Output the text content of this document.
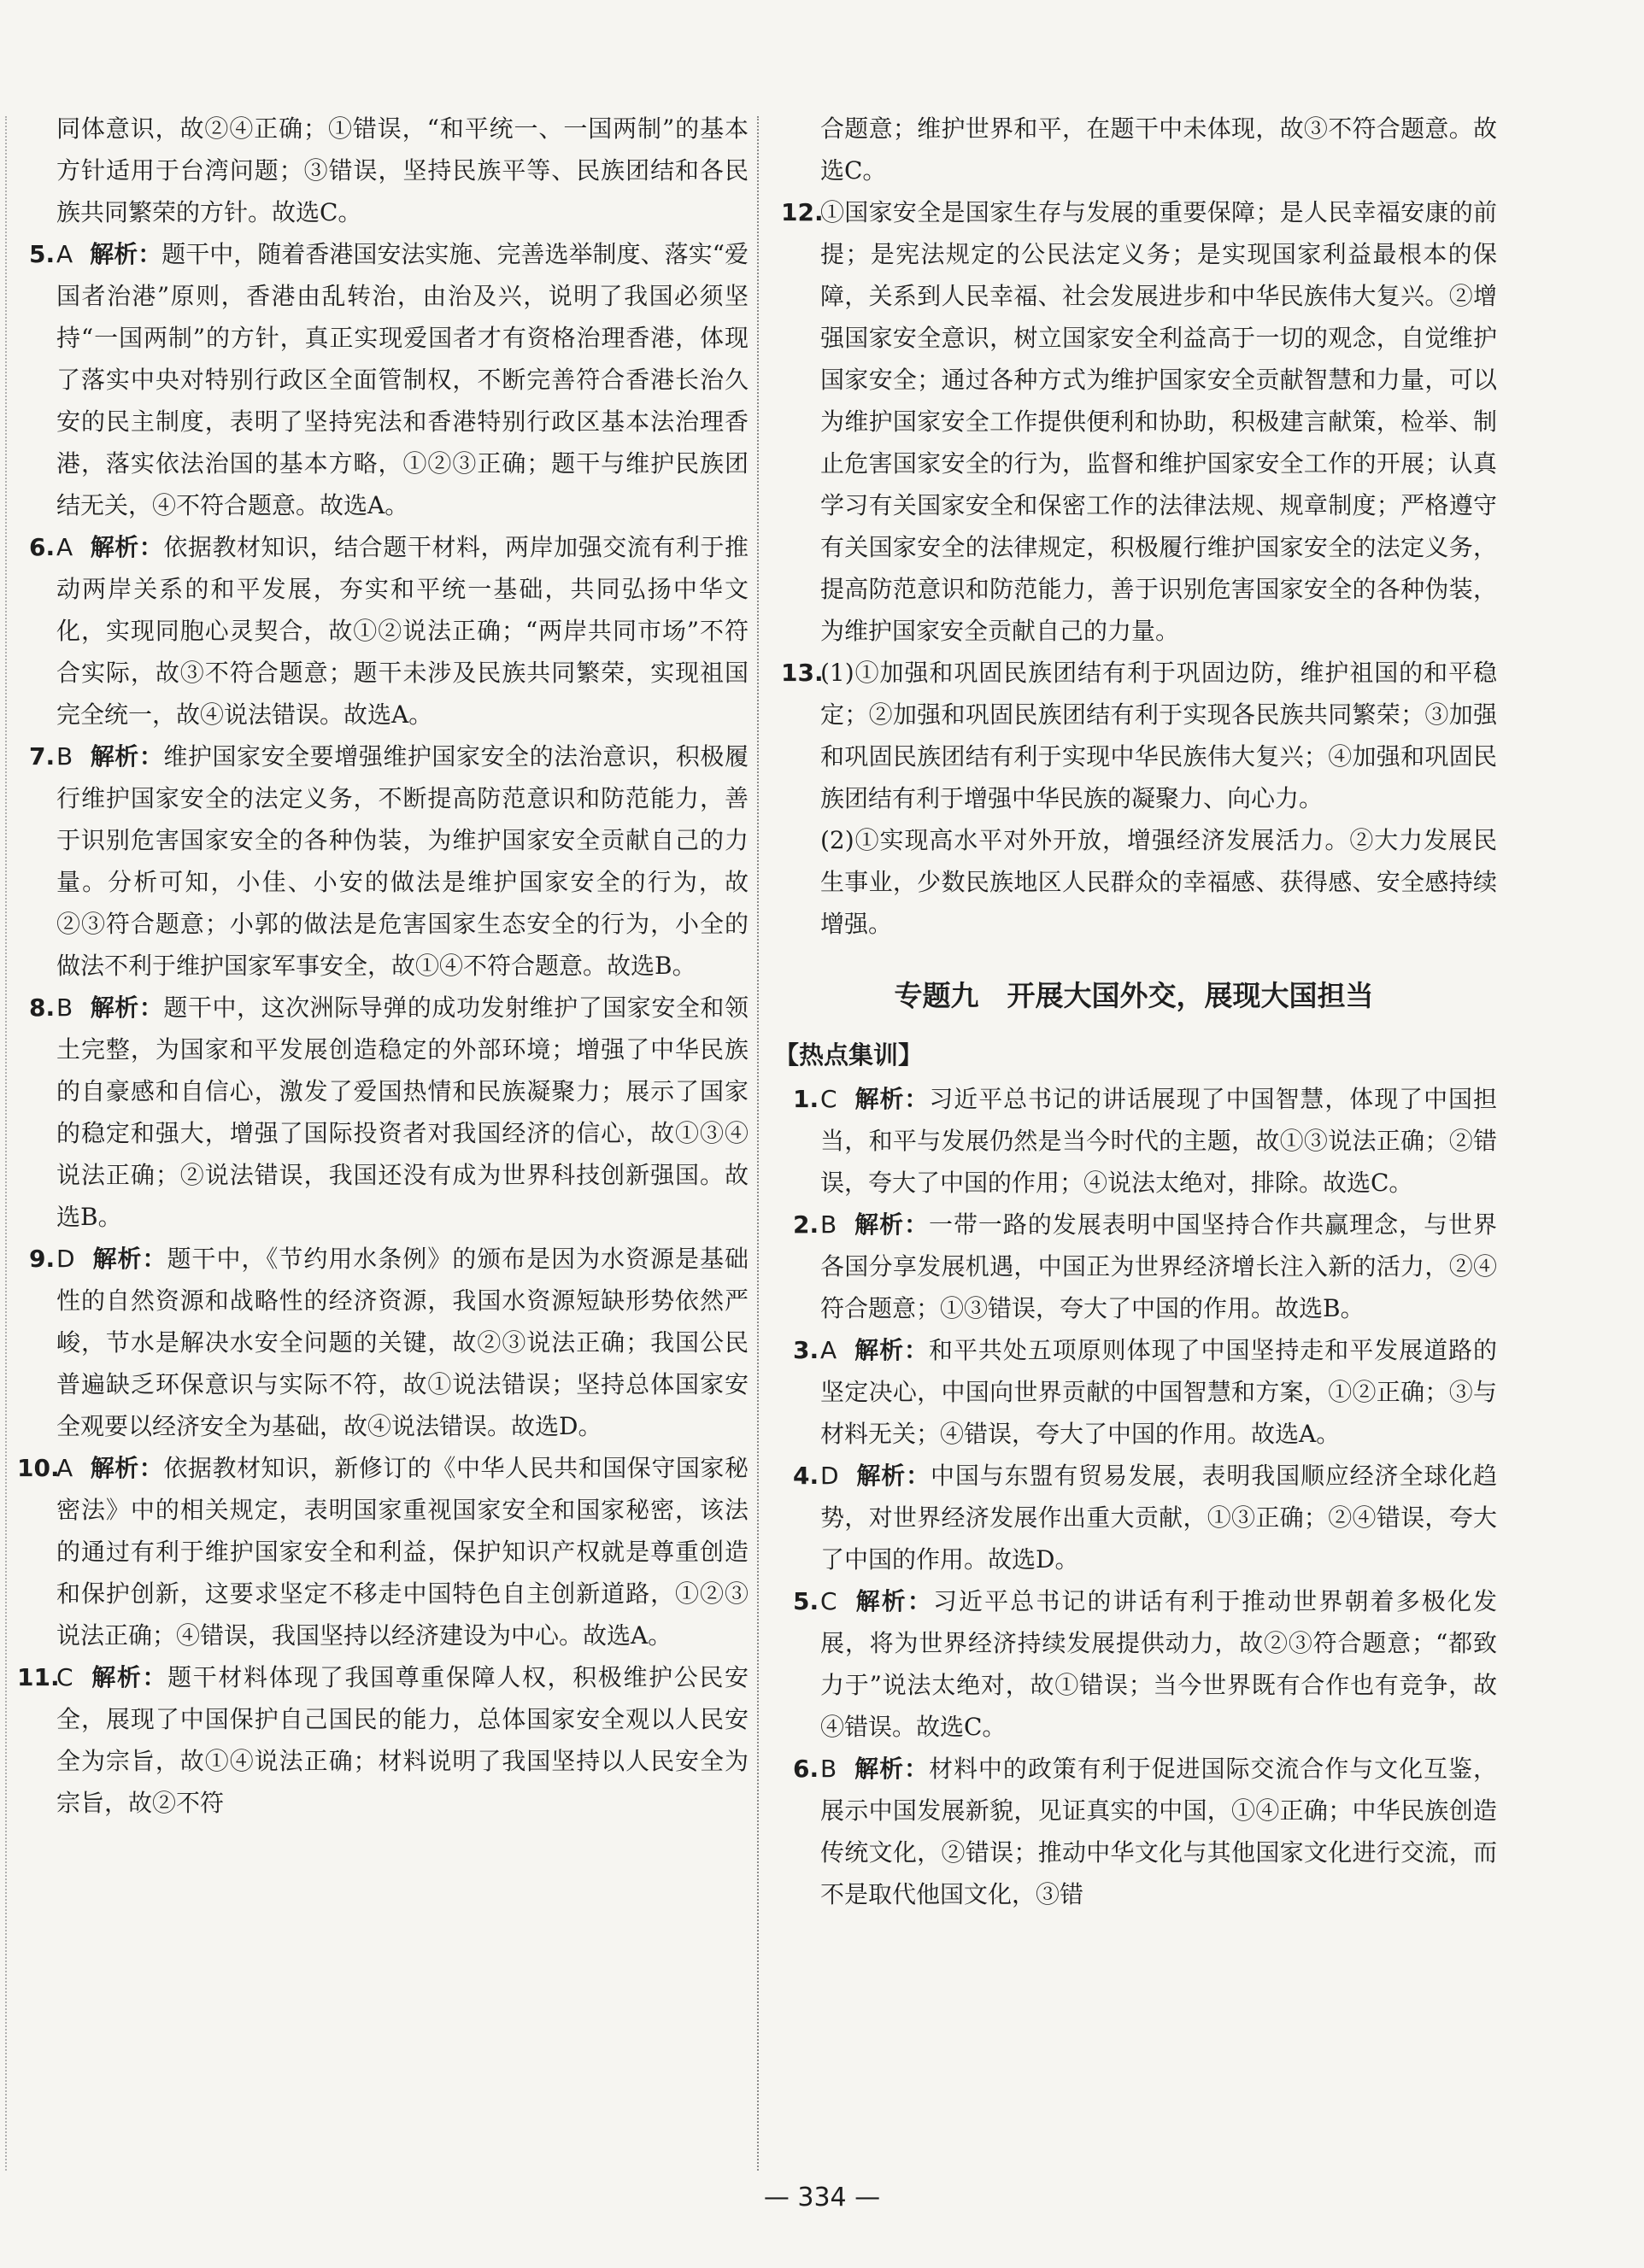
同体意识，故②④正确；①错误，“和平统一、一国两制”的基本方针适用于台湾问题；③错误，坚持民族平等、民族团结和各民族共同繁荣的方针。故选C。
5. A 解析：题干中，随着香港国安法实施、完善选举制度、落实“爱国者治港”原则，香港由乱转治，由治及兴，说明了我国必须坚持“一国两制”的方针，真正实现爱国者才有资格治理香港，体现了落实中央对特别行政区全面管制权，不断完善符合香港长治久安的民主制度，表明了坚持宪法和香港特别行政区基本法治理香港，落实依法治国的基本方略，①②③正确；题干与维护民族团结无关，④不符合题意。故选A。
6. A 解析：依据教材知识，结合题干材料，两岸加强交流有利于推动两岸关系的和平发展，夯实和平统一基础，共同弘扬中华文化，实现同胞心灵契合，故①②说法正确；“两岸共同市场”不符合实际，故③不符合题意；题干未涉及民族共同繁荣，实现祖国完全统一，故④说法错误。故选A。
7. B 解析：维护国家安全要增强维护国家安全的法治意识，积极履行维护国家安全的法定义务，不断提高防范意识和防范能力，善于识别危害国家安全的各种伪装，为维护国家安全贡献自己的力量。分析可知，小佳、小安的做法是维护国家安全的行为，故②③符合题意；小郭的做法是危害国家生态安全的行为，小全的做法不利于维护国家军事安全，故①④不符合题意。故选B。
8. B 解析：题干中，这次洲际导弹的成功发射维护了国家安全和领土完整，为国家和平发展创造稳定的外部环境；增强了中华民族的自豪感和自信心，激发了爱国热情和民族凝聚力；展示了国家的稳定和强大，增强了国际投资者对我国经济的信心，故①③④说法正确；②说法错误，我国还没有成为世界科技创新强国。故选B。
9. D 解析：题干中，《节约用水条例》的颁布是因为水资源是基础性的自然资源和战略性的经济资源，我国水资源短缺形势依然严峻，节水是解决水安全问题的关键，故②③说法正确；我国公民普遍缺乏环保意识与实际不符，故①说法错误；坚持总体国家安全观要以经济安全为基础，故④说法错误。故选D。
10.
A 解析：依据教材知识，新修订的《中华人民共和国保守国家秘密法》中的相关规定，表明国家重视国家安全和国家秘密，该法的通过有利于维护国家安全和利益，保护知识产权就是尊重创造和保护创新，这要求坚定不移走中国特色自主创新道路，①②③说法正确；④错误，我国坚持以经济建设为中心。故选A。
11.
C 解析：题干材料体现了我国尊重保障人权，积极维护公民安全，展现了中国保护自己国民的能力，总体国家安全观以人民安全为宗旨，故①④说法正确；材料说明了我国坚持以人民安全为宗旨，故②不符
合题意；维护世界和平，在题干中未体现，故③不符合题意。故选C。
12.
①国家安全是国家生存与发展的重要保障；是人民幸福安康的前提；是宪法规定的公民法定义务；是实现国家利益最根本的保障，关系到人民幸福、社会发展进步和中华民族伟大复兴。②增强国家安全意识，树立国家安全利益高于一切的观念，自觉维护国家安全；通过各种方式为维护国家安全贡献智慧和力量，可以为维护国家安全工作提供便利和协助，积极建言献策，检举、制止危害国家安全的行为，监督和维护国家安全工作的开展；认真学习有关国家安全和保密工作的法律法规、规章制度；严格遵守有关国家安全的法律规定，积极履行维护国家安全的法定义务，提高防范意识和防范能力，善于识别危害国家安全的各种伪装，为维护国家安全贡献自己的力量。
13.
(1)①加强和巩固民族团结有利于巩固边防，维护祖国的和平稳定；②加强和巩固民族团结有利于实现各民族共同繁荣；③加强和巩固民族团结有利于实现中华民族伟大复兴；④加强和巩固民族团结有利于增强中华民族的凝聚力、向心力。
(2)①实现高水平对外开放，增强经济发展活力。②大力发展民生事业，少数民族地区人民群众的幸福感、获得感、安全感持续增强。
专题九　开展大国外交，展现大国担当
【热点集训】
1. C 解析：习近平总书记的讲话展现了中国智慧，体现了中国担当，和平与发展仍然是当今时代的主题，故①③说法正确；②错误，夸大了中国的作用；④说法太绝对，排除。故选C。
2. B 解析：一带一路的发展表明中国坚持合作共赢理念，与世界各国分享发展机遇，中国正为世界经济增长注入新的活力，②④符合题意；①③错误，夸大了中国的作用。故选B。
3. A 解析：和平共处五项原则体现了中国坚持走和平发展道路的坚定决心，中国向世界贡献的中国智慧和方案，①②正确；③与材料无关；④错误，夸大了中国的作用。故选A。
4. D 解析：中国与东盟有贸易发展，表明我国顺应经济全球化趋势，对世界经济发展作出重大贡献，①③正确；②④错误，夸大了中国的作用。故选D。
5. C 解析：习近平总书记的讲话有利于推动世界朝着多极化发展，将为世界经济持续发展提供动力，故②③符合题意；“都致力于”说法太绝对，故①错误；当今世界既有合作也有竞争，故④错误。故选C。
6. B 解析：材料中的政策有利于促进国际交流合作与文化互鉴，展示中国发展新貌，见证真实的中国，①④正确；中华民族创造传统文化，②错误；推动中华文化与其他国家文化进行交流，而不是取代他国文化，③错
— 334 —
